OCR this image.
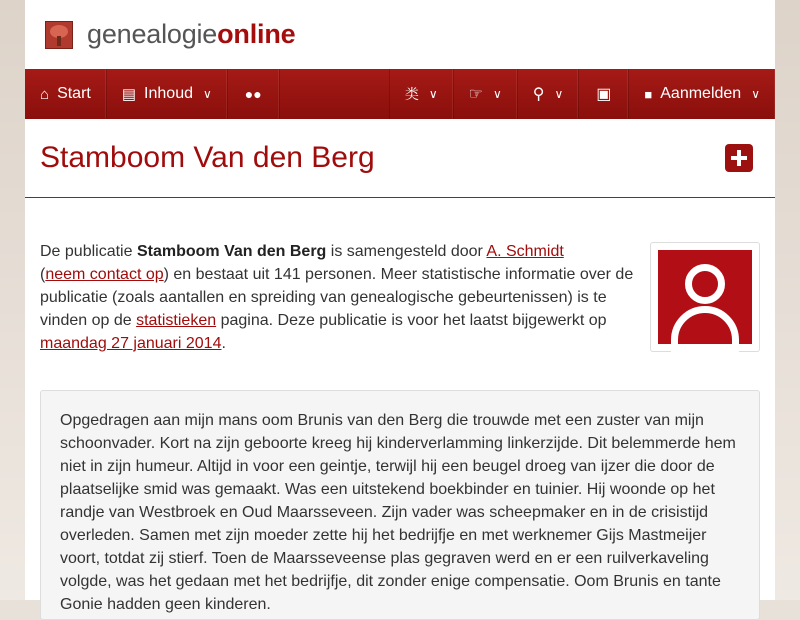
genealogieonline
⌂ Start ▤ Inhoud ∨ ●●	类 ∨ ☞ ∨ ⚲ ∨ ▣	■ Aanmelden ∨
Stamboom Van den Berg
De publicatie Stamboom Van den Berg is samengesteld door A. Schmidt
(neem contact op) en bestaat uit 141 personen. Meer statistische informatie over de publicatie (zoals aantallen en spreiding van genealogische gebeurtenissen) is te vinden op de statistieken pagina. Deze publicatie is voor het laatst bijgewerkt op maandag 27 januari 2014.
Opgedragen aan mijn mans oom Brunis van den Berg die trouwde met een zuster van mijn schoonvader. Kort na zijn geboorte kreeg hij kinderverlamming linkerzijde. Dit belemmerde hem niet in zijn humeur. Altijd in voor een geintje, terwijl hij een beugel droeg van ijzer die door de plaatselijke smid was gemaakt. Was een uitstekend boekbinder en tuinier. Hij woonde op het randje van Westbroek en Oud Maarsseveen. Zijn vader was scheepmaker en in de crisistijd overleden. Samen met zijn moeder zette hij het bedrijfje en met werknemer Gijs Mastmeijer voort, totdat zij stierf. Toen de Maarsseveense plas gegraven werd en er een ruilverkaveling volgde, was het gedaan met het bedrijfje, dit zonder enige compensatie. Oom Brunis en tante Gonie hadden geen kinderen.
